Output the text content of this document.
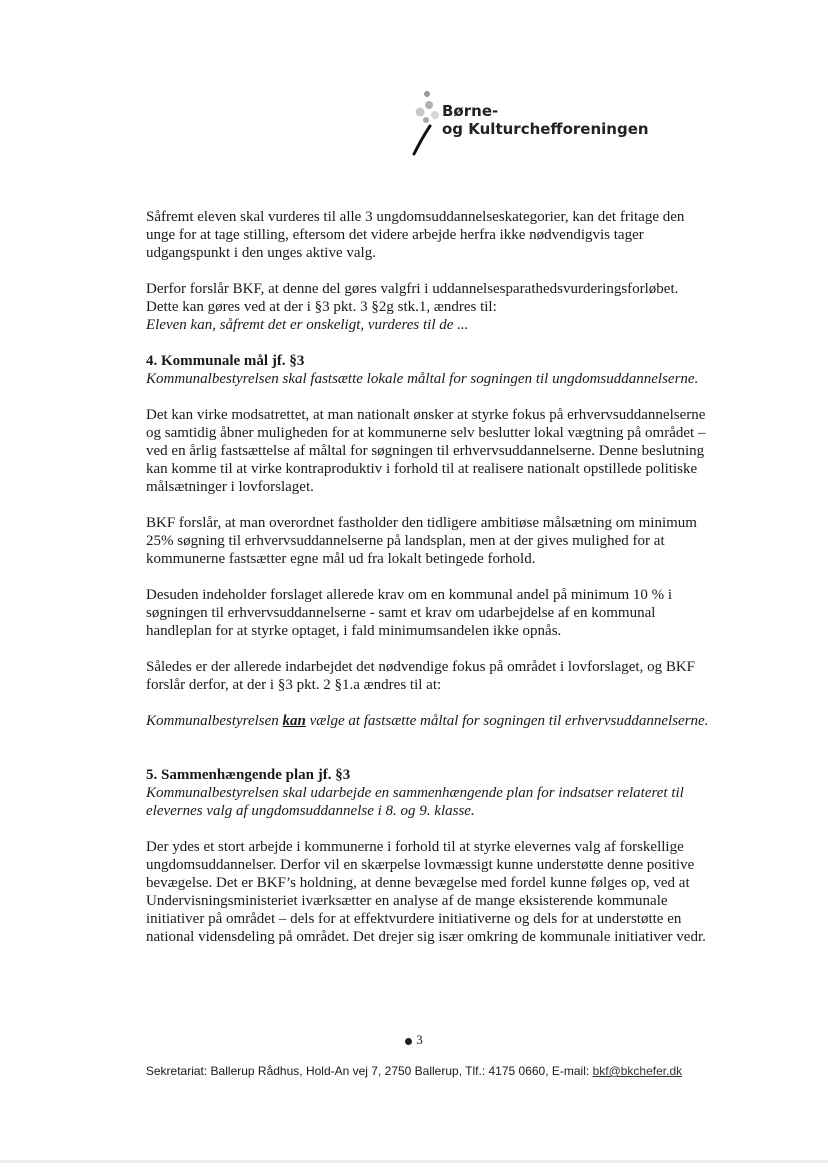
Børne-
og Kulturchefforeningen

Såfremt eleven skal vurderes til alle 3 ungdomsuddannelseskategorier, kan det fritage den unge for at tage stilling, eftersom det videre arbejde herfra ikke nødvendigvis tager udgangspunkt i den unges aktive valg.

Derfor forslår BKF, at denne del gøres valgfri i uddannelsesparathedsvurderingsforløbet. Dette kan gøres ved at der i §3 pkt. 3 §2g stk.1, ændres til:
Eleven kan, såfremt det er onskeligt, vurderes til de ...

4. Kommunale mål jf. §3

Kommunalbestyrelsen skal fastsætte lokale måltal for sogningen til ungdomsuddannelserne.

Det kan virke modsatrettet, at man nationalt ønsker at styrke fokus på erhvervsuddannelserne og samtidig åbner muligheden for at kommunerne selv beslutter lokal vægtning på området – ved en årlig fastsættelse af måltal for søgningen til erhvervsuddannelserne. Denne beslutning kan komme til at virke kontraproduktiv i forhold til at realisere nationalt opstillede politiske målsætninger i lovforslaget.

BKF forslår, at man overordnet fastholder den tidligere ambitiøse målsætning om minimum 25% søgning til erhvervsuddannelserne på landsplan, men at der gives mulighed for at kommunerne fastsætter egne mål ud fra lokalt betingede forhold.

Desuden indeholder forslaget allerede krav om en kommunal andel på minimum 10 % i søgningen til erhvervsuddannelserne - samt et krav om udarbejdelse af en kommunal handleplan for at styrke optaget, i fald minimumsandelen ikke opnås.

Således er der allerede indarbejdet det nødvendige fokus på området i lovforslaget, og BKF forslår derfor, at der i §3 pkt. 2 §1.a ændres til at:

Kommunalbestyrelsen kan vælge at fastsætte måltal for sogningen til erhvervsuddannelserne.

5. Sammenhængende plan jf. §3

Kommunalbestyrelsen skal udarbejde en sammenhængende plan for indsatser relateret til elevernes valg af ungdomsuddannelse i 8. og 9. klasse.

Der ydes et stort arbejde i kommunerne i forhold til at styrke elevernes valg af forskellige ungdomsuddannelser. Derfor vil en skærpelse lovmæssigt kunne understøtte denne positive bevægelse. Det er BKF’s holdning, at denne bevægelse med fordel kunne følges op, ved at Undervisningsministeriet iværksætter en analyse af de mange eksisterende kommunale initiativer på området – dels for at effektvurdere initiativerne og dels for at understøtte en national vidensdeling på området. Det drejer sig især omkring de kommunale initiativer vedr.

3
Sekretariat: Ballerup Rådhus, Hold-An vej 7, 2750 Ballerup, Tlf.: 4175 0660, E-mail: bkf@bkchefer.dk
